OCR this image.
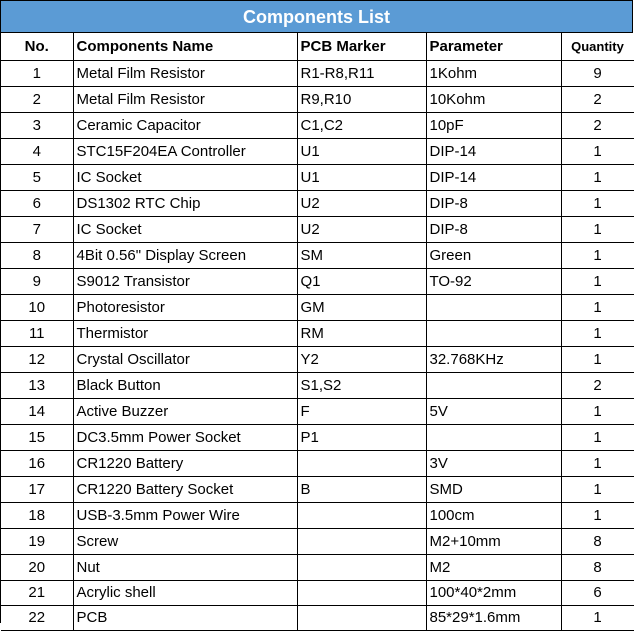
Components List
No.	Components Name	PCB Marker	Parameter	Quantity
1	Metal Film Resistor	R1-R8,R11	1Kohm	9
2	Metal Film Resistor	R9,R10	10Kohm	2
3	Ceramic Capacitor	C1,C2	10pF	2
4	STC15F204EA Controller	U1	DIP-14	1
5	IC Socket	U1	DIP-14	1
6	DS1302 RTC Chip	U2	DIP-8	1
7	IC Socket	U2	DIP-8	1
8	4Bit 0.56" Display Screen	SM	Green	1
9	S9012 Transistor	Q1	TO-92	1
10	Photoresistor	GM		1
11	Thermistor	RM		1
12	Crystal Oscillator	Y2	32.768KHz	1
13	Black Button	S1,S2		2
14	Active Buzzer	F	5V	1
15	DC3.5mm Power Socket	P1		1
16	CR1220 Battery		3V	1
17	CR1220 Battery Socket	B	SMD	1
18	USB-3.5mm Power Wire		100cm	1
19	Screw		M2+10mm	8
20	Nut		M2	8
21	Acrylic shell		100*40*2mm	6
22	PCB		85*29*1.6mm	1
